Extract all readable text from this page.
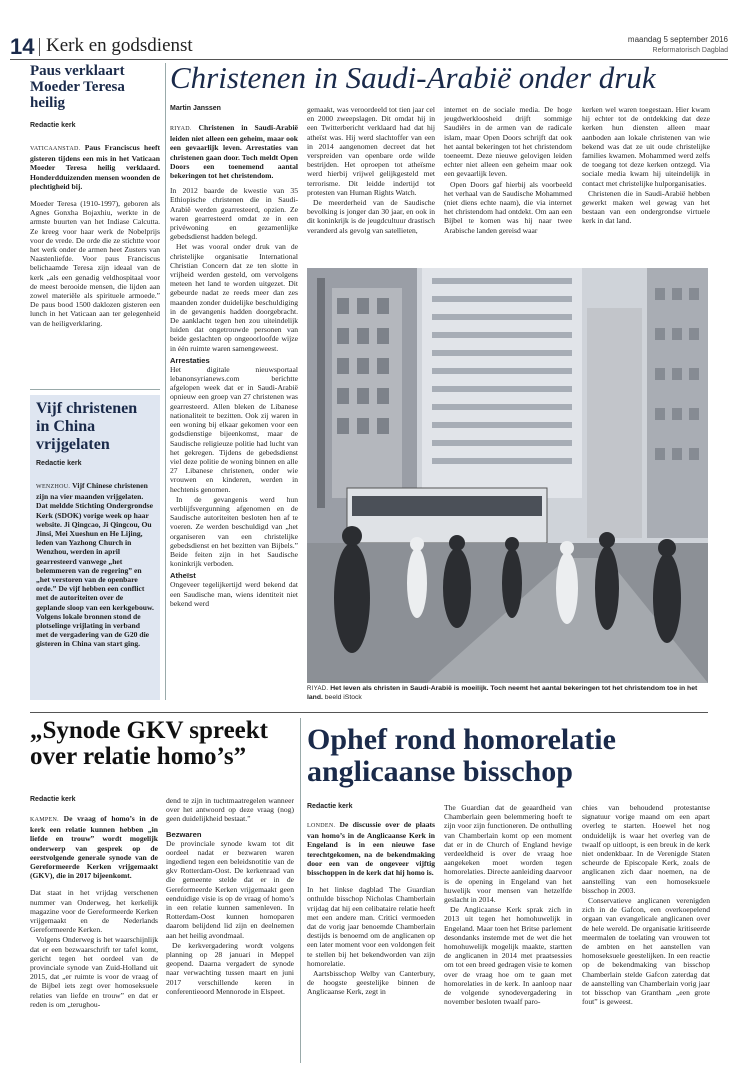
14 Kerk en godsdienst	maandag 5 september 2016
Reformatorisch Dagblad
Paus verklaart Moeder Teresa heilig
Redactie kerk

VATICAANSTAD. Paus Franciscus heeft gisteren tijdens een mis in het Vaticaan Moeder Teresa heilig verklaard. Honderdduizenden mensen woonden de plechtigheid bij.

Moeder Teresa (1910-1997), geboren als Agnes Gonxha Bojaxhiu, werkte in de armste buurten van het Indiase Calcutta. Ze kreeg voor haar werk de Nobelprijs voor de vrede. De orde die ze stichtte voor het werk onder de armen heet Zusters van Naastenliefde. Voor paus Franciscus belichaamde Teresa zijn ideaal van de kerk „als een genadig veldhospitaal voor de meest berooide mensen, die lijden aan zowel materiële als spirituele armoede.” De paus bood 1500 daklozen gisteren een lunch in het Vaticaan aan ter gelegenheid van de heiligverklaring.

Vijf christenen in China vrijgelaten
Redactie kerk

WENZHOU. Vijf Chinese christenen zijn na vier maanden vrijgelaten. Dat meldde Stichting Ondergrondse Kerk (SDOK) vorige week op haar website. Ji Qingcao, Ji Qingcou, Ou Jinsi, Mei Xueshun en He Lijing, leden van Yazhong Church in Wenzhou, werden in april gearresteerd vanwege „het belemmeren van de regering” en „het verstoren van de openbare orde.” De vijf hebben een conflict met de autoriteiten over de geplande sloop van een kerkgebouw. Volgens lokale bronnen stond de plotselinge vrijlating in verband met de vergadering van de G20 die gisteren in China van start ging.

Christenen in Saudi-Arabië onder druk
Martin Janssen

RIYAD. Christenen in Saudi-Arabië leiden niet alleen een geheim, maar ook een gevaarlijk leven. Arrestaties van christenen gaan door. Toch meldt Open Doors een toenemend aantal bekeringen tot het christendom.

In 2012 baarde de kwestie van 35 Ethiopische christenen die in Saudi-Arabië werden gearresteerd, opzien. Ze waren gearresteerd omdat ze in een privéwoning en gezamenlijke gebedsdienst hadden belegd.

Het was vooral onder druk van de christelijke organisatie International Christian Concern dat ze ten slotte in vrijheid werden gesteld, om vervolgens meteen het land te worden uitgezet. Dit gebeurde nadat ze reeds meer dan zes maanden zonder duidelijke beschuldiging in de gevangenis hadden doorgebracht. De aanklacht tegen hen zou uiteindelijk luiden dat ongetrouwde personen van beide geslachten op ongeoorloofde wijze in één ruimte waren samengeweest.

Arrestaties

Het digitale nieuwsportaal lebanonsyrianews.com berichtte afgelopen week dat er in Saudi-Arabië opnieuw een groep van 27 christenen was gearresteerd. Allen bleken de Libanese nationaliteit te bezitten. Ook zij waren in een woning bij elkaar gekomen voor een godsdienstige bijeenkomst, maar de Saudische religieuze politie had lucht van het gekregen. Tijdens de gebedsdienst viel deze politie de woning binnen en alle 27 Libanese christenen, onder wie vrouwen en kinderen, werden in hechtenis genomen.

In de gevangenis werd hun verblijfsvergunning afgenomen en de Saudische autoriteiten besloten hen af te voeren. Ze werden beschuldigd van „het organiseren van een christelijke gebedsdienst en het bezitten van Bijbels.” Beide feiten zijn in het Saudische koninkrijk verboden.

Atheïst

Ongeveer tegelijkertijd werd bekend dat een Saudische man, wiens identiteit niet bekend werd

gemaakt, was veroordeeld tot tien jaar cel en 2000 zweepslagen. Dit omdat hij in een Twitterbericht verklaard had dat hij atheïst was. Hij werd slachtoffer van een in 2014 aangenomen decreet dat het verspreiden van openbare orde wilde bestrijden. Het oproepen tot atheïsme werd hierbij vrijwel gelijkgesteld met terrorisme. Dit leidde indertijd tot protesten van Human Rights Watch.

De meerderheid van de Saudische bevolking is jonger dan 30 jaar, en ook in dit koninkrijk is de jeugdcultuur drastisch veranderd als gevolg van satellieten,

internet en de sociale media. De hoge jeugdwerkloosheid drijft sommige Saudiërs in de armen van de radicale islam, maar Open Doors schrijft dat ook het aantal bekeringen tot het christendom toeneemt. Deze nieuwe gelovigen leiden echter niet alleen een geheim maar ook een gevaarlijk leven.

Open Doors gaf hierbij als voorbeeld het verhaal van de Saudische Mohammed (niet diens echte naam), die via internet het christendom had ontdekt. Om aan een Bijbel te komen was hij naar twee Arabische landen gereisd waar

kerken wel waren toegestaan. Hier kwam hij echter tot de ontdekking dat deze kerken hun diensten alleen maar aanboden aan lokale christenen van wie bekend was dat ze uit oude christelijke families kwamen. Mohammed werd zelfs de toegang tot deze kerken ontzegd. Via sociale media kwam hij uiteindelijk in contact met christelijke hulporganisaties.

Christenen die in Saudi-Arabië hebben gewerkt maken wel gewag van het bestaan van een ondergrondse virtuele kerk in dat land.

RIYAD. Het leven als christen in Saudi-Arabië is moeilijk. Toch neemt het aantal bekeringen tot het christendom toe in het land. beeld iStock
„Synode GKV spreekt over relatie homo’s”
Redactie kerk

KAMPEN. De vraag of homo’s in de kerk een relatie kunnen hebben „in liefde en trouw” wordt mogelijk onderwerp van gesprek op de eerstvolgende generale synode van de Gereformeerde Kerken vrijgemaakt (GKV), die in 2017 bijeenkomt.

Dat staat in het vrijdag verschenen nummer van Onderweg, het kerkelijk magazine voor de Gereformeerde Kerken vrijgemaakt en de Nederlands Gereformeerde Kerken.

Volgens Onderweg is het waarschijnlijk dat er een bezwaarschrift ter tafel komt, gericht tegen het oordeel van de provinciale synode van Zuid-Holland uit 2015, dat „er ruimte is voor de vraag of de Bijbel iets zegt over homoseksuele relaties van liefde en trouw” en dat er reden is om „terughou-

dend te zijn in tuchtmaatregelen wanneer over het antwoord op deze vraag (nog) geen duidelijkheid bestaat.”

Bezwaren

De provinciale synode kwam tot dit oordeel nadat er bezwaren waren ingediend tegen een beleidsnotitie van de gkv Rotterdam-Oost. De kerkenraad van die gemeente stelde dat er in de Gereformeerde Kerken vrijgemaakt geen eenduidige visie is op de vraag of homo’s in een relatie kunnen samenleven. In Rotterdam-Oost kunnen homoparen daarom belijdend lid zijn en deelnemen aan het heilig avondmaal.

De kerkvergadering wordt volgens planning op 28 januari in Meppel geopend. Daarna vergadert de synode naar verwachting tussen maart en juni 2017 verschillende keren in conferentieoord Mennorode in Elspeet.

Ophef rond homorelatie anglicaanse bisschop
Redactie kerk

LONDEN. De discussie over de plaats van homo’s in de Anglicaanse Kerk in Engeland is in een nieuwe fase terechtgekomen, na de bekendmaking door een van de ongeveer vijftig bisschoppen in de kerk dat hij homo is.

In het linkse dagblad The Guardian onthulde bisschop Nicholas Chamberlain vrijdag dat hij een celibataire relatie heeft met een andere man. Critici vermoeden dat de vorig jaar benoemde Chamberlain destijds is benoemd om de anglicanen op een later moment voor een voldongen feit te stellen bij het bekendworden van zijn homorelatie.

Aartsbisschop Welby van Canterbury, de hoogste geestelijke binnen de Anglicaanse Kerk, zegt in

The Guardian dat de geaardheid van Chamberlain geen belemmering hoeft te zijn voor zijn functioneren. De onthulling van Chamberlain komt op een moment dat er in de Church of England hevige verdeeldheid is over de vraag hoe aangekeken moet worden tegen homorelaties. Directe aanleiding daarvoor is de opening in Engeland van het huwelijk voor mensen van hetzelfde geslacht in 2014.

De Anglicaanse Kerk sprak zich in 2013 uit tegen het homohuwelijk in Engeland. Maar toen het Britse parlement desondanks instemde met de wet die het homohuwelijk mogelijk maakte, startten de anglicanen in 2014 met praatsessies om tot een breed gedragen visie te komen over de vraag hoe om te gaan met homorelaties in de kerk. In aanloop naar de volgende synodevergadering in november besloten twaalf paro-

chies van behoudend protestantse signatuur vorige maand om een apart overleg te starten. Hoewel het nog onduidelijk is waar het overleg van de twaalf op uitloopt, is een breuk in de kerk niet ondenkbaar. In de Verenigde Staten scheurde de Episcopale Kerk, zoals de anglicanen zich daar noemen, na de aanstelling van een homoseksuele bisschop in 2003.

Conservatieve anglicanen verenigden zich in de Gafcon, een overkoepelend orgaan van evangelicale anglicanen over de hele wereld. De organisatie kritiseerde meermalen de toelating van vrouwen tot de ambten en het aanstellen van homoseksuele geestelijken. In een reactie op de bekendmaking van bisschop Chamberlain stelde Gafcon zaterdag dat de aanstelling van Chamberlain vorig jaar tot bisschop van Grantham „een grote fout” is geweest.
